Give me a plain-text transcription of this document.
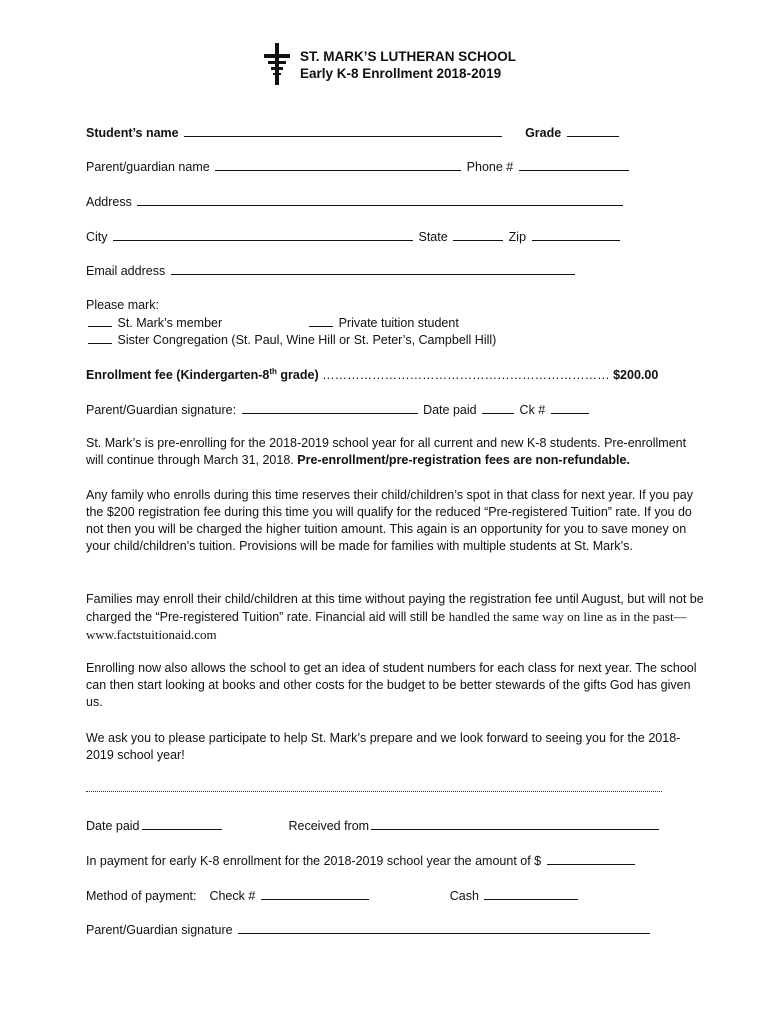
ST. MARK’S LUTHERAN SCHOOL
Early K-8 Enrollment 2018-2019
Student’s name	Grade
Parent/guardian name	Phone #
Address
City	State	Zip
Email address
Please mark:
St. Mark’s member	Private tuition student
Sister Congregation (St. Paul, Wine Hill or St. Peter’s, Campbell Hill)
Enrollment fee (Kindergarten-8th grade) …………………………………………………………… $200.00
Parent/Guardian signature:	Date paid	Ck #
St. Mark’s is pre-enrolling for the 2018-2019 school year for all current and new K-8 students. Pre-enrollment will continue through March 31, 2018. Pre-enrollment/pre-registration fees are non-refundable.
Any family who enrolls during this time reserves their child/children’s spot in that class for next year. If you pay the $200 registration fee during this time you will qualify for the reduced “Pre-registered Tuition” rate. If you do not then you will be charged the higher tuition amount. This again is an opportunity for you to save money on your child/children's tuition. Provisions will be made for families with multiple students at St. Mark’s.
Families may enroll their child/children at this time without paying the registration fee until August, but will not be charged the “Pre-registered Tuition” rate. Financial aid will still be handled the same way on line as in the past—www.factstuitionaid.com
Enrolling now also allows the school to get an idea of student numbers for each class for next year. The school can then start looking at books and other costs for the budget to be better stewards of the gifts God has given us.
We ask you to please participate to help St. Mark’s prepare and we look forward to seeing you for the 2018-2019 school year!
Date paid	Received from
In payment for early K-8 enrollment for the 2018-2019 school year the amount of $
Method of payment: Check #	Cash
Parent/Guardian signature
